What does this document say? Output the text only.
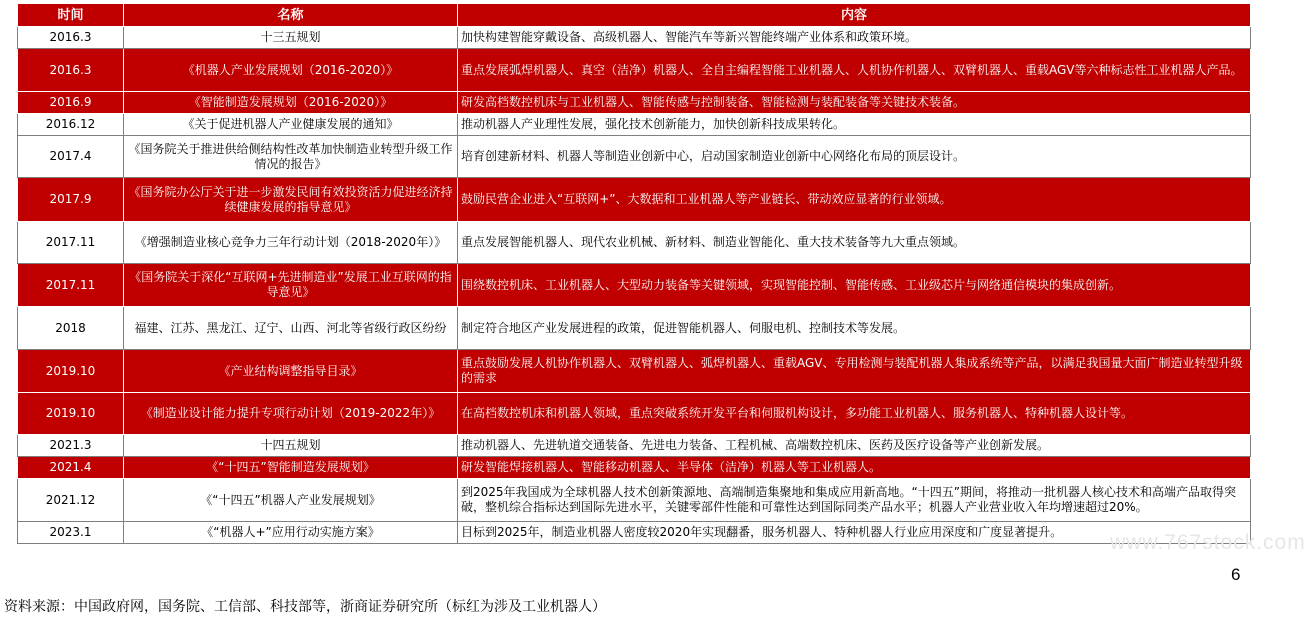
时间	名称	内容
2016.3	十三五规划	加快构建智能穿戴设备、高级机器人、智能汽车等新兴智能终端产业体系和政策环境。
2016.3	《机器人产业发展规划（2016-2020）》	重点发展弧焊机器人、真空（洁净）机器人、全自主编程智能工业机器人、人机协作机器人、双臂机器人、重载AGV等六种标志性工业机器人产品。
2016.9	《智能制造发展规划（2016-2020）》	研发高档数控机床与工业机器人、智能传感与控制装备、智能检测与装配装备等关键技术装备。
2016.12	《关于促进机器人产业健康发展的通知》	推动机器人产业理性发展，强化技术创新能力，加快创新科技成果转化。
2017.4	《国务院关于推进供给侧结构性改革加快制造业转型升级工作情况的报告》	培育创建新材料、机器人等制造业创新中心，启动国家制造业创新中心网络化布局的顶层设计。
2017.9	《国务院办公厅关于进一步激发民间有效投资活力促进经济持续健康发展的指导意见》	鼓励民营企业进入“互联网+”、大数据和工业机器人等产业链长、带动效应显著的行业领域。
2017.11	《增强制造业核心竞争力三年行动计划（2018-2020年）》	重点发展智能机器人、现代农业机械、新材料、制造业智能化、重大技术装备等九大重点领域。
2017.11	《国务院关于深化“互联网+先进制造业”发展工业互联网的指导意见》	围绕数控机床、工业机器人、大型动力装备等关键领域，实现智能控制、智能传感、工业级芯片与网络通信模块的集成创新。
2018	福建、江苏、黑龙江、辽宁、山西、河北等省级行政区纷纷	制定符合地区产业发展进程的政策，促进智能机器人、伺服电机、控制技术等发展。
2019.10	《产业结构调整指导目录》	重点鼓励发展人机协作机器人、双臂机器人、弧焊机器人、重载AGV、专用检测与装配机器人集成系统等产品，以满足我国量大面广制造业转型升级的需求
2019.10	《制造业设计能力提升专项行动计划（2019-2022年）》	在高档数控机床和机器人领域，重点突破系统开发平台和伺服机构设计，多功能工业机器人、服务机器人、特种机器人设计等。
2021.3	十四五规划	推动机器人、先进轨道交通装备、先进电力装备、工程机械、高端数控机床、医药及医疗设备等产业创新发展。
2021.4	《“十四五”智能制造发展规划》	研发智能焊接机器人、智能移动机器人、半导体（洁净）机器人等工业机器人。
2021.12	《“十四五”机器人产业发展规划》	到2025年我国成为全球机器人技术创新策源地、高端制造集聚地和集成应用新高地。“十四五”期间，将推动一批机器人核心技术和高端产品取得突破，整机综合指标达到国际先进水平，关键零部件性能和可靠性达到国际同类产品水平；机器人产业营业收入年均增速超过20%。
2023.1	《“机器人+”应用行动实施方案》	目标到2025年，制造业机器人密度较2020年实现翻番，服务机器人、特种机器人行业应用深度和广度显著提升。 www.767stock.com
6
资料来源：中国政府网，国务院、工信部、科技部等，浙商证券研究所（标红为涉及工业机器人）
